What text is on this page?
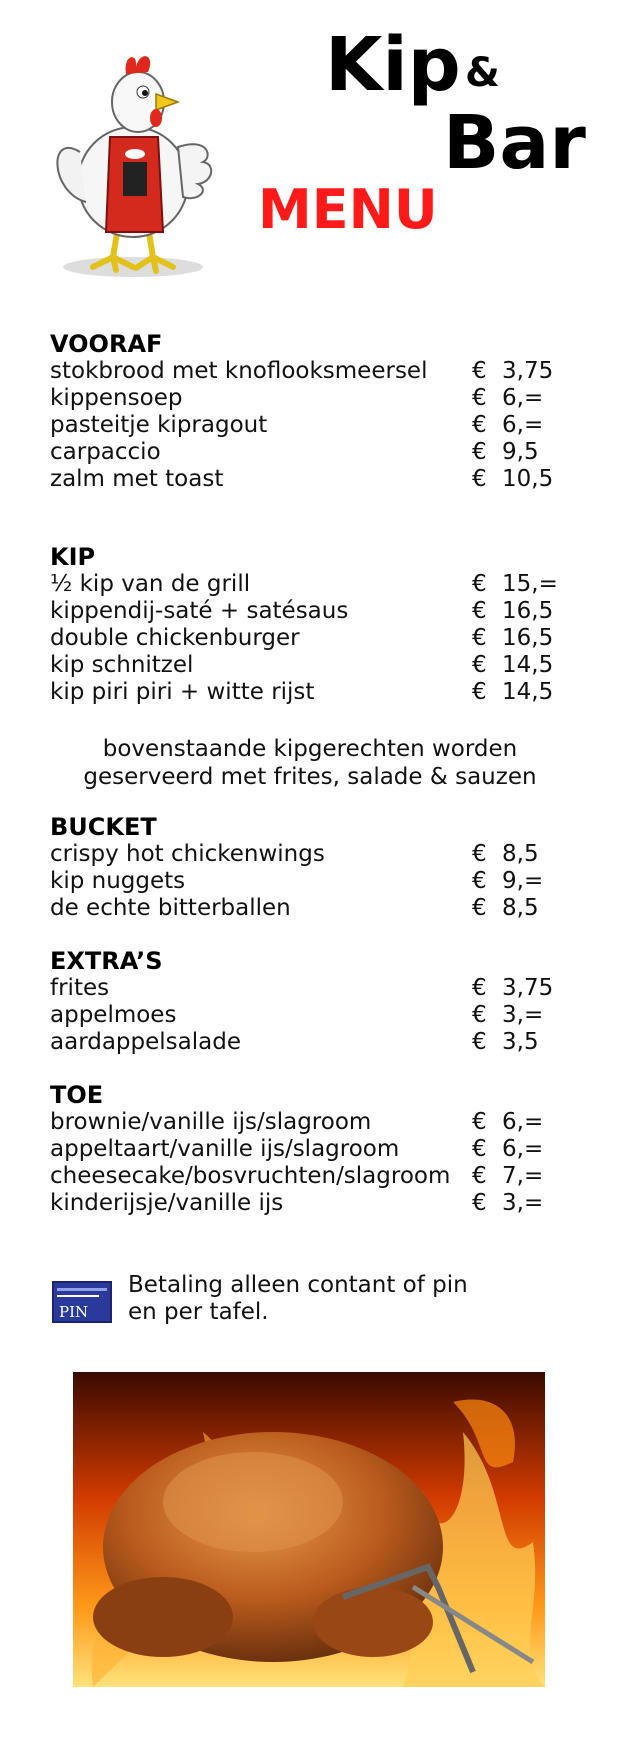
Kip &
Bar
MENU
VOORAF
stokbrood met knoflooksmeersel	€ 3,75
kippensoep	€ 6,=
pasteitje kipragout	€ 6,=
carpaccio	€ 9,5
zalm met toast	€ 10,5
KIP
½ kip van de grill	€ 15,=
kippendij-saté + satésaus	€ 16,5
double chickenburger	€ 16,5
kip schnitzel	€ 14,5
kip piri piri + witte rijst	€ 14,5
bovenstaande kipgerechten worden
geserveerd met frites, salade & sauzen
BUCKET
crispy hot chickenwings	€ 8,5
kip nuggets	€ 9,=
de echte bitterballen	€ 8,5
EXTRA’S
frites	€ 3,75
appelmoes	€ 3,=
aardappelsalade	€ 3,5
TOE
brownie/vanille ijs/slagroom	€ 6,=
appeltaart/vanille ijs/slagroom	€ 6,=
cheesecake/bosvruchten/slagroom € 7,=
kinderijsje/vanille ijs	€ 3,=
PIN
Betaling alleen contant of pin
en per tafel.
